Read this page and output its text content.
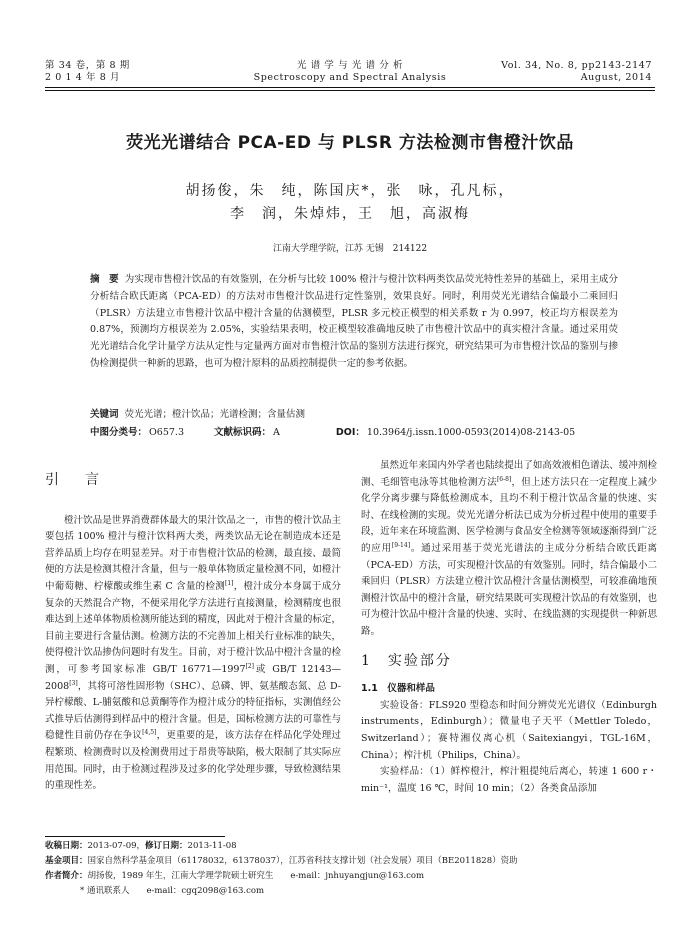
第 34 卷，第 8 期
2 0 1 4 年 8 月
光 谱 学 与 光 谱 分 析
Spectroscopy and Spectral Analysis
Vol. 34, No. 8, pp2143-2147
August, 2014
荧光光谱结合 PCA-ED 与 PLSR 方法检测市售橙汁饮品
胡扬俊，朱　纯，陈国庆*，张　咏，孔凡标，
李　润，朱焯炜，王　旭，高淑梅
江南大学理学院，江苏 无锡　214122
摘　要 为实现市售橙汁饮品的有效鉴别，在分析与比较 100% 橙汁与橙汁饮料两类饮品荧光特性差异的基础上，采用主成分分析结合欧氏距离（PCA-ED）的方法对市售橙汁饮品进行定性鉴别，效果良好。同时，利用荧光光谱结合偏最小二乘回归（PLSR）方法建立市售橙汁饮品中橙汁含量的估测模型，PLSR 多元校正模型的相关系数 r 为 0.997，校正均方根误差为 0.87%，预测均方根误差为 2.05%，实验结果表明，校正模型较准确地反映了市售橙汁饮品中的真实橙汁含量。通过采用荧光光谱结合化学计量学方法从定性与定量两方面对市售橙汁饮品的鉴别方法进行探究，研究结果可为市售橙汁饮品的鉴别与掺伪检测提供一种新的思路，也可为橙汁原料的品质控制提供一定的参考依据。
关键词 荧光光谱；橙汁饮品；光谱检测；含量估测
中图分类号： O657.3	文献标识码： A	DOI： 10.3964/j.issn.1000-0593(2014)08-2143-05
引　言
橙汁饮品是世界消费群体最大的果汁饮品之一，市售的橙汁饮品主要包括 100% 橙汁与橙汁饮料两大类，两类饮品无论在制造成本还是营养品质上均存在明显差异。对于市售橙汁饮品的检测，最直接、最简便的方法是检测其橙汁含量，但与一般单体物质定量检测不同，如橙汁中葡萄糖、柠檬酸或维生素 C 含量的检测[1]，橙汁成分本身属于成分复杂的天然混合产物，不便采用化学方法进行直接测量，检测精度也很难达到上述单体物质检测所能达到的精度，因此对于橙汁含量的标定，目前主要进行含量估测。检测方法的不完善加上相关行业标准的缺失，使得橙汁饮品掺伪问题时有发生。目前，对于橙汁饮品中橙汁含量的检测，可参考国家标准 GB/T 16771—1997[2]或 GB/T 12143—2008[3]，其将可溶性固形物（SHC）、总磷、钾、氨基酸态氮、总 D-异柠檬酸、L-脯氨酸和总黄酮等作为橙汁成分的特征指标，实测值经公式推导后估测得到样品中的橙汁含量。但是，国标检测方法的可靠性与稳健性目前仍存在争议[4,5]，更重要的是，该方法存在样品化学处理过程繁琐、检测费时以及检测费用过于昂贵等缺陷，极大限制了其实际应用范围。同时，由于检测过程涉及过多的化学处理步骤，导致检测结果的重现性差。
虽然近年来国内外学者也陆续提出了如高效液相色谱法、缓冲剂检测、毛细管电泳等其他检测方法[6-8]，但上述方法只在一定程度上减少化学分离步骤与降低检测成本，且均不利于橙汁饮品含量的快速、实时、在线检测的实现。荧光光谱分析法已成为分析过程中使用的重要手段，近年来在环境监测、医学检测与食品安全检测等领域逐渐得到广泛的应用[9-14]。通过采用基于荧光光谱法的主成分分析结合欧氏距离（PCA-ED）方法，可实现橙汁饮品的有效鉴别。同时，结合偏最小二乘回归（PLSR）方法建立橙汁饮品橙汁含量估测模型，可较准确地预测橙汁饮品中的橙汁含量，研究结果既可实现橙汁饮品的有效鉴别，也可为橙汁饮品中橙汁含量的快速、实时、在线监测的实现提供一种新思路。
1　实验部分
1.1　仪器和样品
实验设备：FLS920 型稳态和时间分辨荧光光谱仪（Edinburgh instruments，Edinburgh）；微量电子天平（Mettler Toledo，Switzerland）；赛特湘仪离心机（Saitexiangyi，TGL-16M，China）；榨汁机（Philips，China）。
实验样品：（1）鲜榨橙汁，榨汁粗提纯后离心，转速 1 600 r・min⁻¹，温度 16 ℃，时间 10 min；（2）各类食品添加
收稿日期：2013-07-09，修订日期：2013-11-08
基金项目：国家自然科学基金项目（61178032，61378037），江苏省科技支撑计划（社会发展）项目（BE2011828）资助
作者简介：胡扬俊，1989 年生，江南大学理学院硕士研究生　　e-mail：jnhuyangjun@163.com
* 通讯联系人　　e-mail：cgq2098@163.com
